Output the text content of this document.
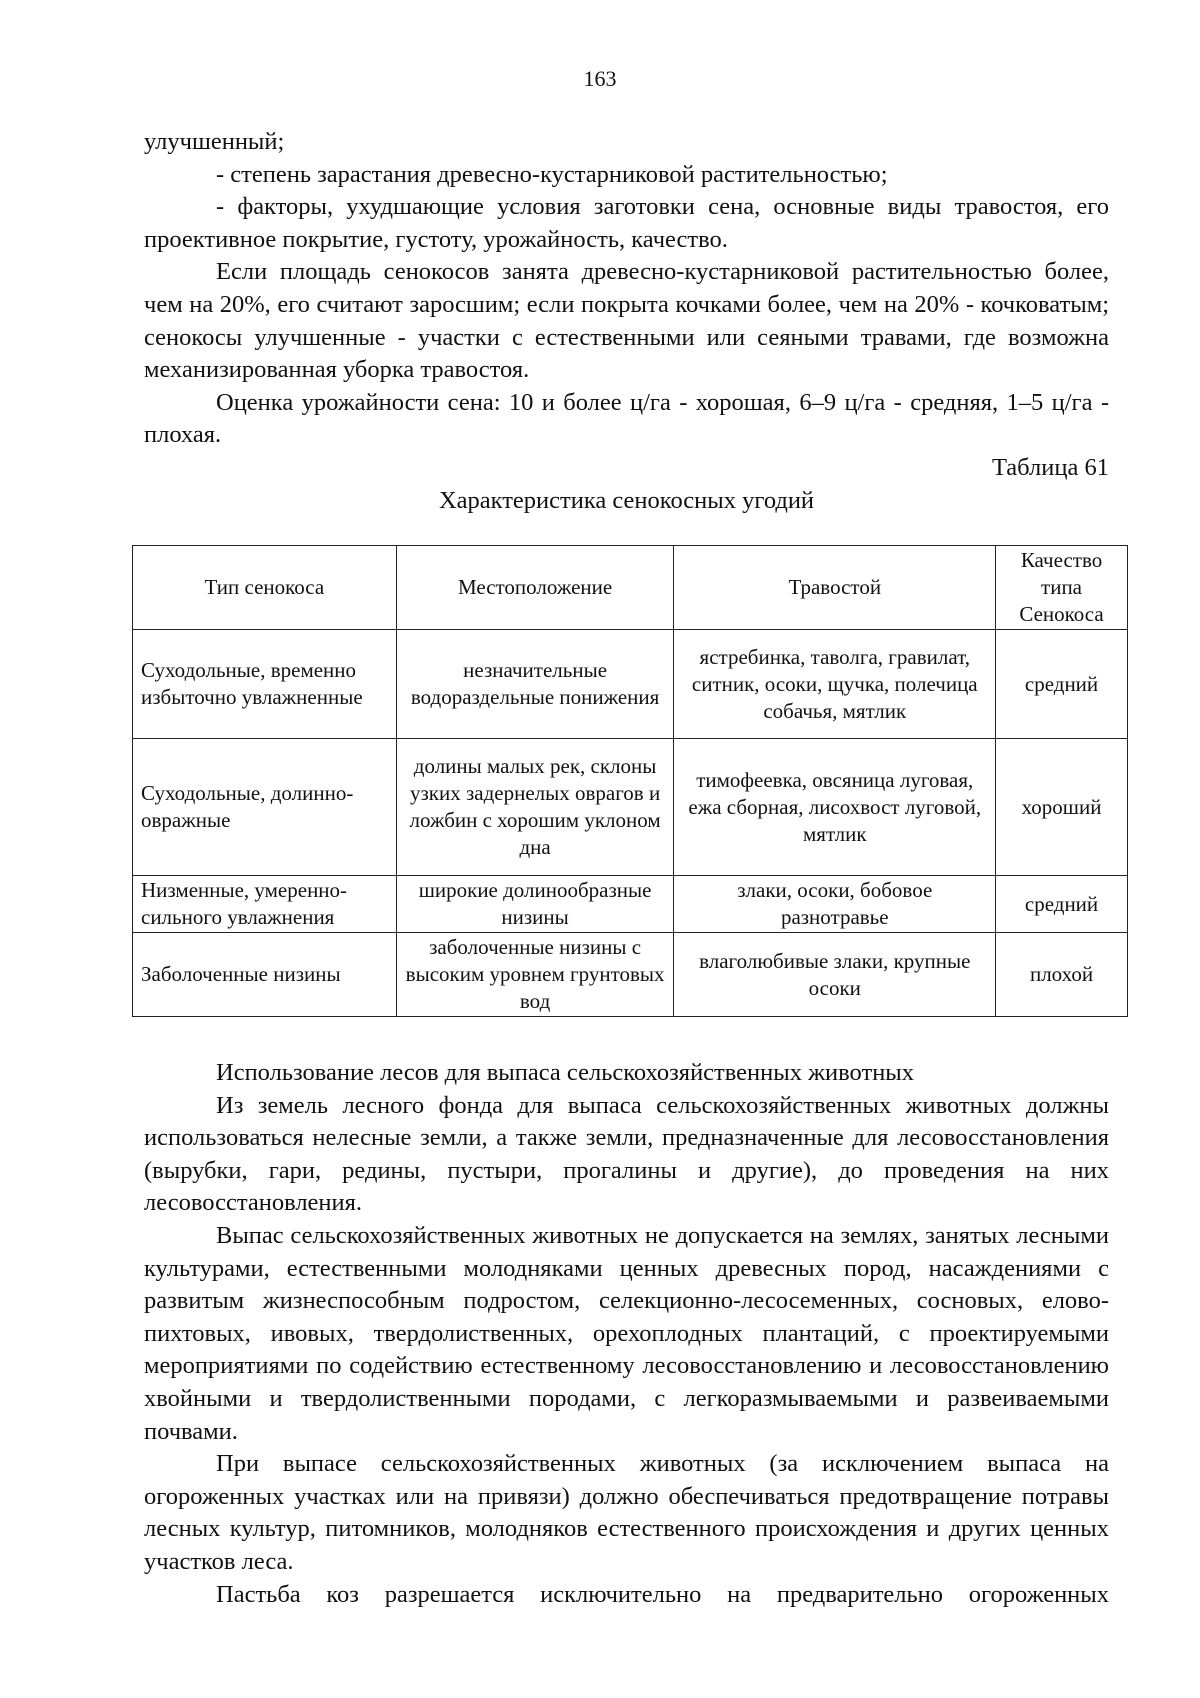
163

улучшенный;

- степень зарастания древесно-кустарниковой растительностью;

- факторы, ухудшающие условия заготовки сена, основные виды травостоя, его проективное покрытие, густоту, урожайность, качество.

Если площадь сенокосов занята древесно-кустарниковой растительностью более, чем на 20%, его считают заросшим; если покрыта кочками более, чем на 20% - кочковатым; сенокосы улучшенные - участки с естественными или сеяными травами, где возможна механизированная уборка травостоя.

Оценка урожайности сена: 10 и более ц/га - хорошая, 6–9 ц/га - средняя, 1–5 ц/га - плохая.

Таблица 61

Характеристика сенокосных угодий

Тип сенокоса	Местоположение	Травостой	Качество типа Сенокоса
Суходольные, временно избыточно увлажненные	незначительные водораздельные понижения	ястребинка, таволга, гравилат, ситник, осоки, щучка, полечица собачья, мятлик	средний
Суходольные, долинно-овражные	долины малых рек, склоны узких задернелых оврагов и ложбин с хорошим уклоном дна	тимофеевка, овсяница луговая, ежа сборная, лисохвост луговой, мятлик	хороший
Низменные, умеренно-сильного увлажнения	широкие долинообразные низины	злаки, осоки, бобовое разнотравье	средний
Заболоченные низины	заболоченные низины с высоким уровнем грунтовых вод	влаголюбивые злаки, крупные осоки	плохой

Использование лесов для выпаса сельскохозяйственных животных

Из земель лесного фонда для выпаса сельскохозяйственных животных должны использоваться нелесные земли, а также земли, предназначенные для лесовосстановления (вырубки, гари, редины, пустыри, прогалины и другие), до проведения на них лесовосстановления.

Выпас сельскохозяйственных животных не допускается на землях, занятых лесными культурами, естественными молодняками ценных древесных пород, насаждениями с развитым жизнеспособным подростом, селекционно-лесосеменных, сосновых, елово-пихтовых, ивовых, твердолиственных, орехоплодных плантаций, с проектируемыми мероприятиями по содействию естественному лесовосстановлению и лесовосстановлению хвойными и твердолиственными породами, с легкоразмываемыми и развеиваемыми почвами.

При выпасе сельскохозяйственных животных (за исключением выпаса на огороженных участках или на привязи) должно обеспечиваться предотвращение потравы лесных культур, питомников, молодняков естественного происхождения и других ценных участков леса.

Пастьба коз разрешается исключительно на предварительно огороженных
